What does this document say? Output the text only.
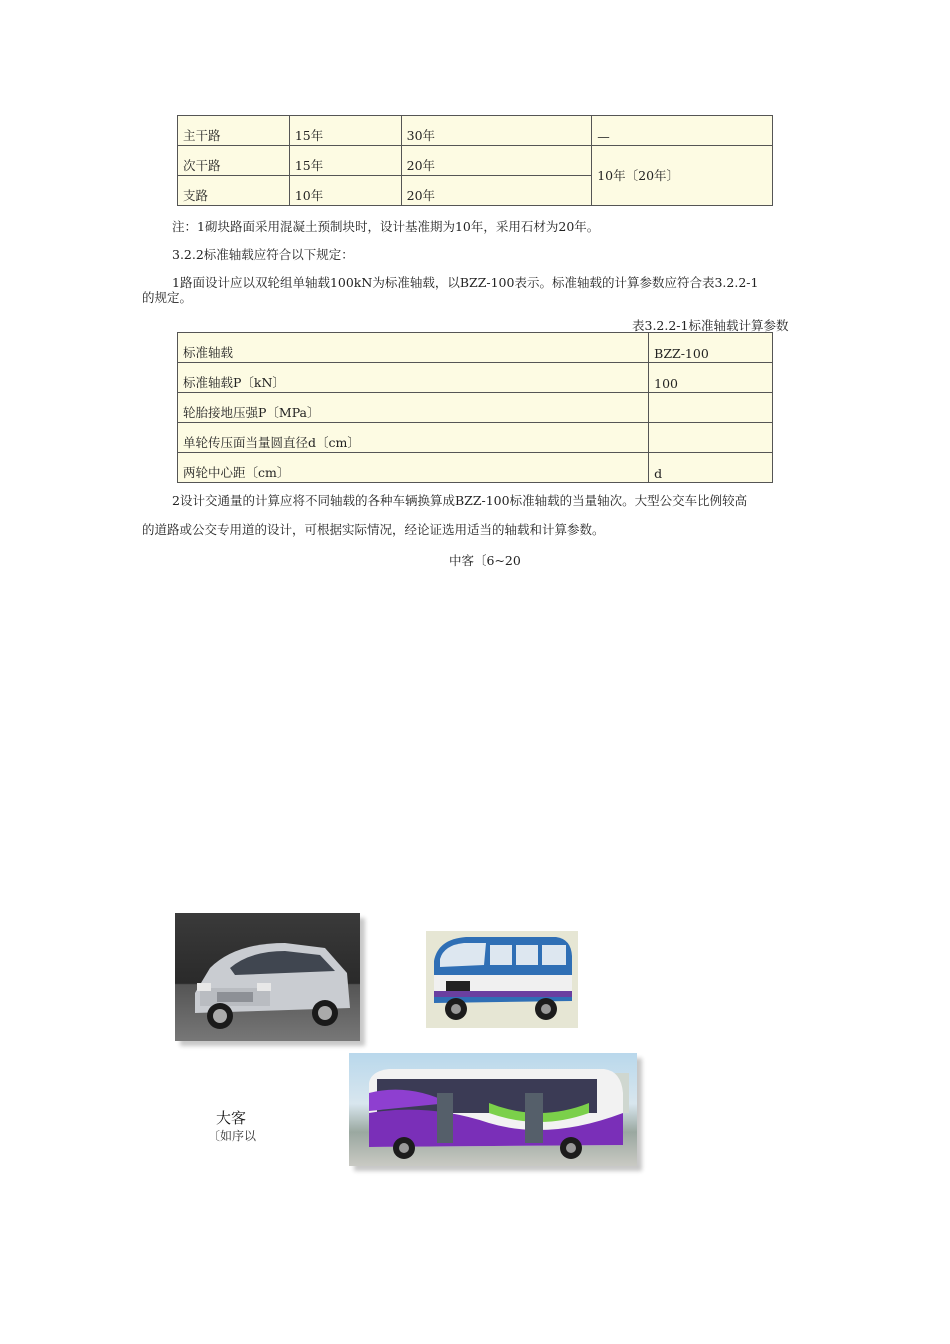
主干路	15年	30年	—
次干路	15年	20年	10年〔20年〕
支路	10年	20年	
注：1砌块路面采用混凝土预制块时，设计基准期为10年，采用石材为20年。
3.2.2标准轴载应符合以下规定：
1路面设计应以双轮组单轴载100kN为标准轴载，以BZZ-100表示。标准轴载的计算参数应符合表3.2.2-1
的规定。
表3.2.2-1标准轴载计算参数
标准轴载	BZZ-100
标准轴载P〔kN〕	100
轮胎接地压强P〔MPa〕	
单轮传压面当量圆直径d〔cm〕	
两轮中心距〔cm〕	d
2设计交通量的计算应将不同轴载的各种车辆换算成BZZ-100标准轴载的当量轴次。大型公交车比例较高
的道路或公交专用道的设计，可根据实际情况，经论证选用适当的轴载和计算参数。
中客〔6~20
大客
〔如序以
